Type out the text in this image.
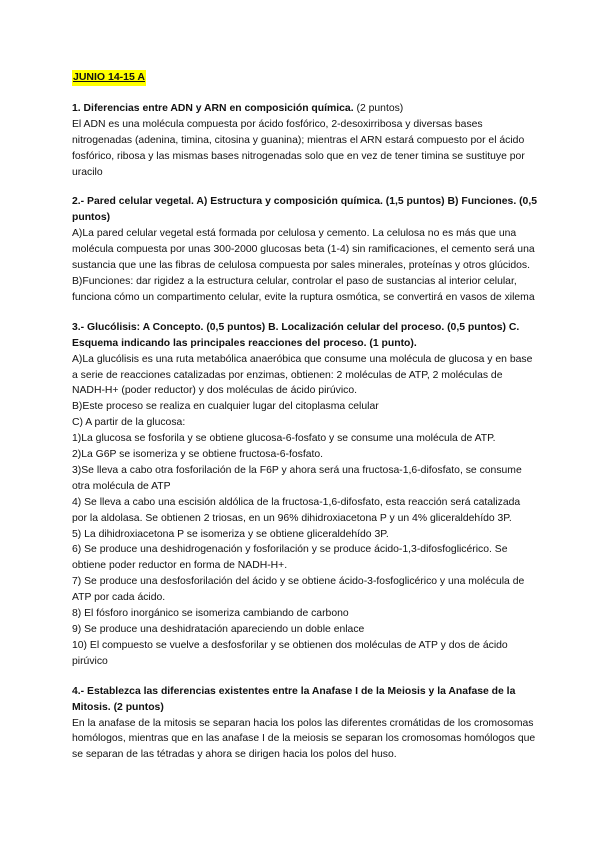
JUNIO 14-15 A

1. Diferencias entre ADN y ARN en composición química. (2 puntos)

El ADN es una molécula compuesta por ácido fosfórico, 2-desoxirribosa y diversas bases nitrogenadas (adenina, timina, citosina y guanina); mientras el ARN estará compuesto por el ácido fosfórico, ribosa y las mismas bases nitrogenadas solo que en vez de tener timina se sustituye por uracilo

2.- Pared celular vegetal. A) Estructura y composición química. (1,5 puntos) B) Funciones. (0,5 puntos)

A)La pared celular vegetal está formada por celulosa y cemento. La celulosa no es más que una molécula compuesta por unas 300-2000 glucosas beta (1-4) sin ramificaciones, el cemento será una sustancia que une las fibras de celulosa compuesta por sales minerales, proteínas y otros glúcidos.

B)Funciones: dar rigidez a la estructura celular, controlar el paso de sustancias al interior celular, funciona cómo un compartimento celular, evite la ruptura osmótica, se convertirá en vasos de xilema

3.- Glucólisis: A Concepto. (0,5 puntos) B. Localización celular del proceso. (0,5 puntos) C. Esquema indicando las principales reacciones del proceso. (1 punto).

A)La glucólisis es una ruta metabólica anaeróbica que consume una molécula de glucosa y en base a serie de reacciones catalizadas por enzimas, obtienen: 2 moléculas de ATP, 2 moléculas de NADH-H+ (poder reductor) y dos moléculas de ácido pirúvico.

B)Este proceso se realiza en cualquier lugar del citoplasma celular

C) A partir de la glucosa:

1)La glucosa se fosforila y se obtiene glucosa-6-fosfato y se consume una molécula de ATP.

2)La G6P se isomeriza y se obtiene fructosa-6-fosfato.

3)Se lleva a cabo otra fosforilación de la F6P y ahora será una fructosa-1,6-difosfato, se consume otra molécula de ATP

4) Se lleva a cabo una escisión aldólica de la fructosa-1,6-difosfato, esta reacción será catalizada por la aldolasa. Se obtienen 2 triosas, en un 96% dihidroxiacetona P y un 4% gliceraldehído 3P.

5) La dihidroxiacetona P se isomeriza y se obtiene gliceraldehído 3P.

6) Se produce una deshidrogenación y fosforilación y se produce ácido-1,3-difosfoglicérico. Se obtiene poder reductor en forma de NADH-H+.

7) Se produce una desfosforilación del ácido y se obtiene ácido-3-fosfoglicérico y una molécula de ATP por cada ácido.

8) El fósforo inorgánico se isomeriza cambiando de carbono

9) Se produce una deshidratación apareciendo un doble enlace

10) El compuesto se vuelve a desfosforilar y se obtienen dos moléculas de ATP y dos de ácido pirúvico

4.- Establezca las diferencias existentes entre la Anafase I de la Meiosis y la Anafase de la Mitosis. (2 puntos)

En la anafase de la mitosis se separan hacia los polos las diferentes cromátidas de los cromosomas homólogos, mientras que en las anafase I de la meiosis se separan los cromosomas homólogos que se separan de las tétradas y ahora se dirigen hacia los polos del huso.
